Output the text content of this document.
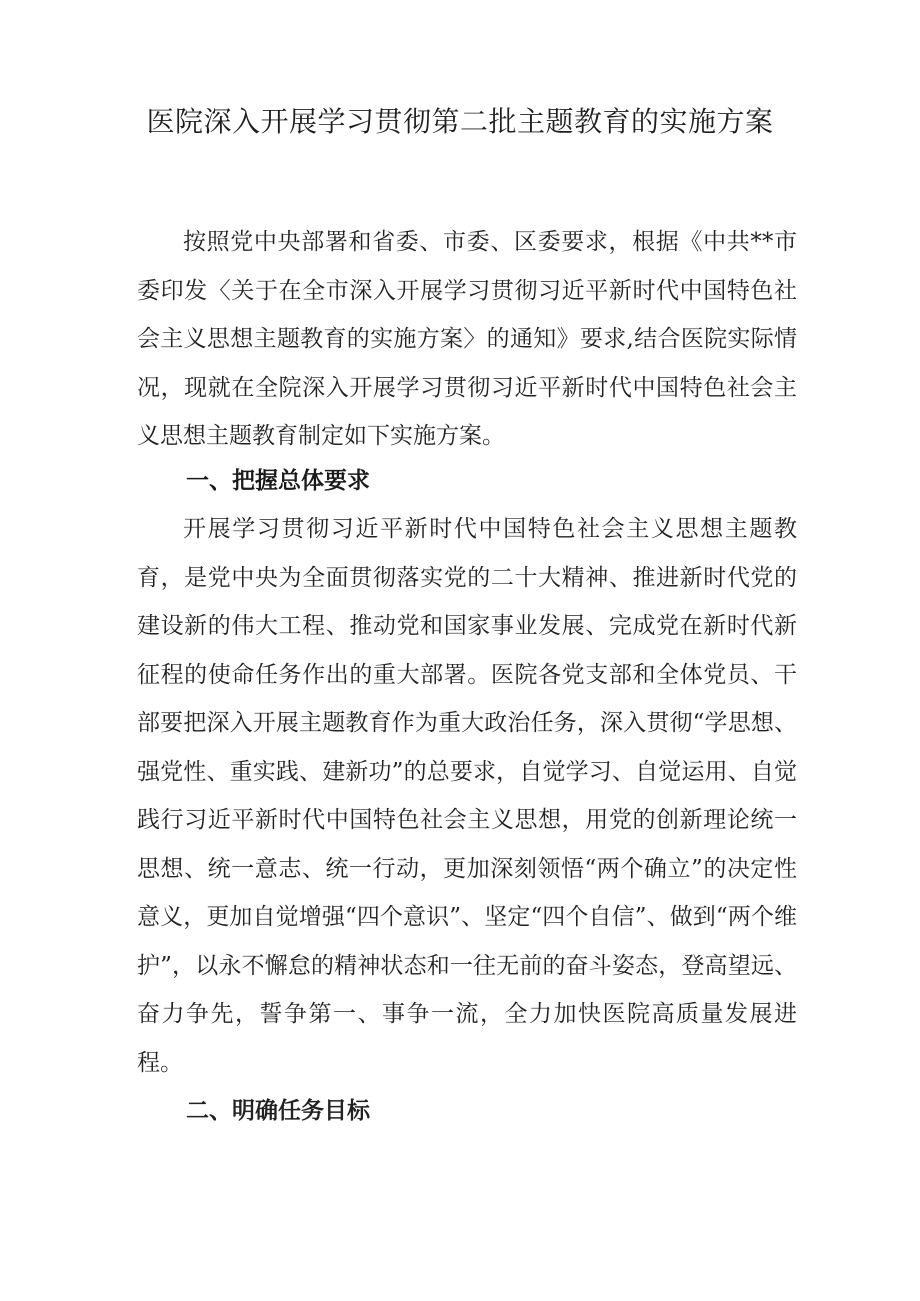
医院深入开展学习贯彻第二批主题教育的实施方案

按照党中央部署和省委、市委、区委要求，根据《中共**市委印发〈关于在全市深入开展学习贯彻习近平新时代中国特色社会主义思想主题教育的实施方案〉的通知》要求,结合医院实际情况，现就在全院深入开展学习贯彻习近平新时代中国特色社会主义思想主题教育制定如下实施方案。

一、把握总体要求

开展学习贯彻习近平新时代中国特色社会主义思想主题教育，是党中央为全面贯彻落实党的二十大精神、推进新时代党的建设新的伟大工程、推动党和国家事业发展、完成党在新时代新征程的使命任务作出的重大部署。医院各党支部和全体党员、干部要把深入开展主题教育作为重大政治任务，深入贯彻“学思想、强党性、重实践、建新功”的总要求，自觉学习、自觉运用、自觉践行习近平新时代中国特色社会主义思想，用党的创新理论统一思想、统一意志、统一行动，更加深刻领悟“两个确立”的决定性意义，更加自觉增强“四个意识”、坚定“四个自信”、做到“两个维护”，以永不懈怠的精神状态和一往无前的奋斗姿态，登高望远、奋力争先，誓争第一、事争一流，全力加快医院高质量发展进程。

二、明确任务目标
